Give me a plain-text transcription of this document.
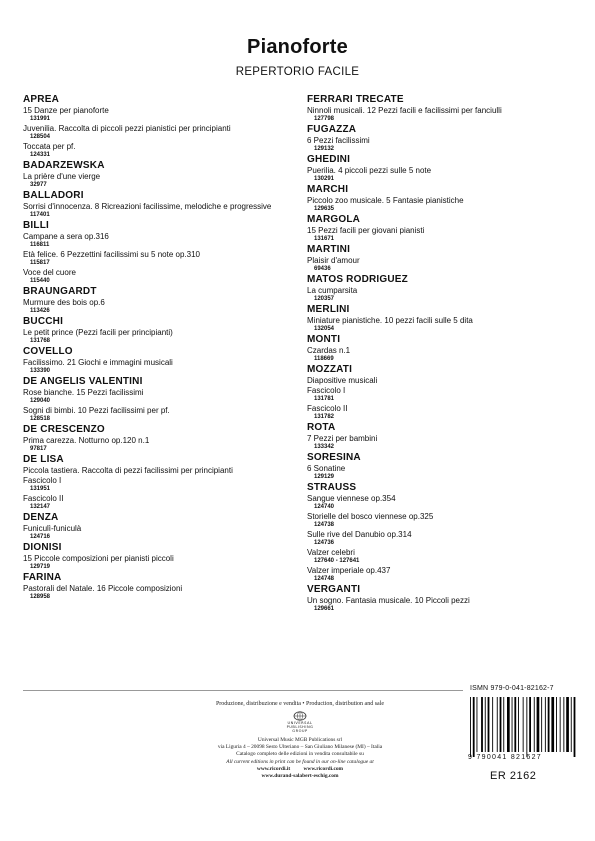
Pianoforte
REPERTORIO FACILE
APREA
15 Danze per pianoforte
131991
Juvenilia. Raccolta di piccoli pezzi pianistici per principianti
128504
Toccata per pf.
124331
BADARZEWSKA
La prière d'une vierge
32977
BALLADORI
Sorrisi d'innocenza. 8 Ricreazioni facilissime, melodiche e progressive
117401
BILLI
Campane a sera op.316
116811
Età felice. 6 Pezzettini facilissimi su 5 note op.310
115817
Voce del cuore
115440
BRAUNGARDT
Murmure des bois op.6
113426
BUCCHI
Le petit prince (Pezzi facili per principianti)
131768
COVELLO
Facilissimo. 21 Giochi e immagini musicali
133390
DE ANGELIS VALENTINI
Rose bianche. 15 Pezzi facilissimi
129040
Sogni di bimbi. 10 Pezzi facilissimi per pf.
128518
DE CRESCENZO
Prima carezza. Notturno op.120 n.1
97817
DE LISA
Piccola tastiera. Raccolta di pezzi facilissimi per principianti
Fascicolo I
131951
Fascicolo II
132147
DENZA
Funiculì-funiculà
124716
DIONISI
15 Piccole composizioni per pianisti piccoli
129719
FARINA
Pastorali del Natale. 16 Piccole composizioni
128958
FERRARI TRECATE
Ninnoli musicali. 12 Pezzi facili e facilissimi per fanciulli
127798
FUGAZZA
6 Pezzi facilissimi
129132
GHEDINI
Puerilia. 4 piccoli pezzi sulle 5 note
130291
MARCHI
Piccolo zoo musicale. 5 Fantasie pianistiche
129635
MARGOLA
15 Pezzi facili per giovani pianisti
131671
MARTINI
Plaisir d'amour
69436
MATOS RODRIGUEZ
La cumparsita
120357
MERLINI
Miniature pianistiche. 10 pezzi facili sulle 5 dita
132054
MONTI
Czardas n.1
118669
MOZZATI
Diapositive musicali
Fascicolo I
131781
Fascicolo II
131782
ROTA
7 Pezzi per bambini
133342
SORESINA
6 Sonatine
129129
STRAUSS
Sangue viennese op.354
124740
Storielle del bosco viennese op.325
124738
Sulle rive del Danubio op.314
124736
Valzer celebri
127640 - 127641
Valzer imperiale op.437
124748
VERGANTI
Un sogno. Fantasia musicale. 10 Piccoli pezzi
129661
Produzione, distribuzione e vendita • Production, distribution and sale
UNIVERSAL
PUBLISHING GROUP
Universal Music MGB Publications srl
via Liguria 4 – 20098 Sesto Ulteriano – San Giuliano Milanese (MI) – Italia
Catalogo completo delle edizioni in vendita consultabile su
All current editions in print can be found in our on-line catalogue at
www.ricordi.it www.ricordi.com
www.durand-salabert-eschig.com
ISMN 979-0-041-82162-7
9 790041 821627
ER 2162
